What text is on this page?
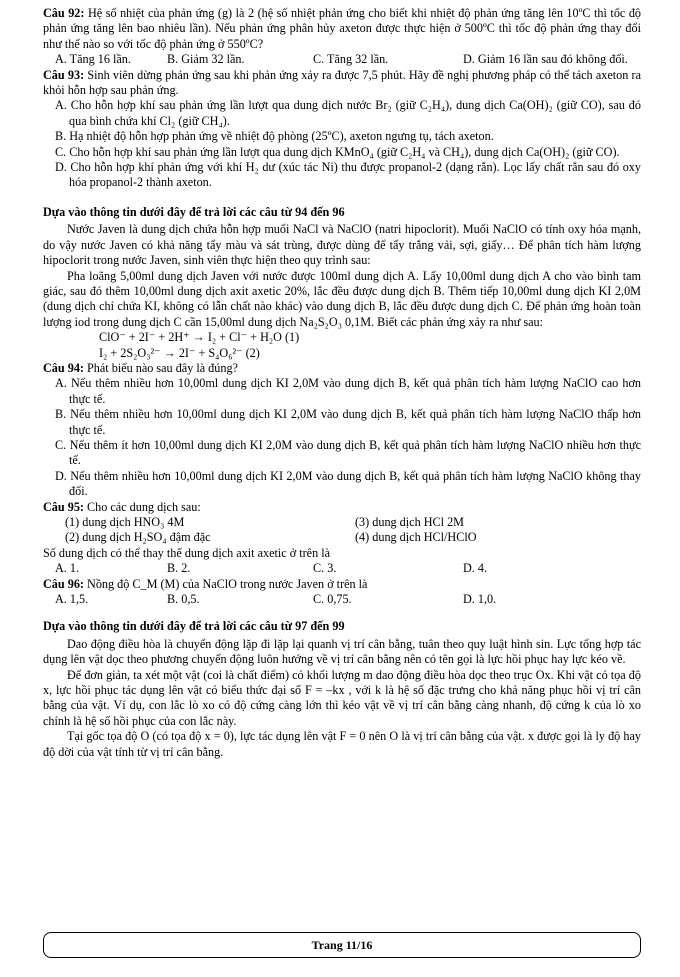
Câu 92: Hệ số nhiệt của phản ứng (g) là 2 (hệ số nhiệt phản ứng cho biết khi nhiệt độ phản ứng tăng lên 10ºC thì tốc độ phản ứng tăng lên bao nhiêu lần). Nếu phản ứng phân hủy axeton được thực hiện ở 500ºC thì tốc độ phản ứng thay đổi như thế nào so với tốc độ phản ứng ở 550ºC?

A. Tăng 16 lần.	B. Giảm 32 lần.	C. Tăng 32 lần.	D. Giảm 16 lần sau đó không đổi.

Câu 93: Sinh viên dừng phản ứng sau khi phản ứng xảy ra được 7,5 phút. Hãy đề nghị phương pháp có thể tách axeton ra khỏi hỗn hợp sau phản ứng.

A. Cho hỗn hợp khí sau phản ứng lần lượt qua dung dịch nước Br₂ (giữ C₂H₄), dung dịch Ca(OH)₂ (giữ CO), sau đó qua bình chứa khí Cl₂ (giữ CH₄).

B. Hạ nhiệt độ hỗn hợp phản ứng về nhiệt độ phòng (25ºC), axeton ngưng tụ, tách axeton.

C. Cho hỗn hợp khí sau phản ứng lần lượt qua dung dịch KMnO₄ (giữ C₂H₄ và CH₄), dung dịch Ca(OH)₂ (giữ CO).

D. Cho hỗn hợp khí phản ứng với khí H₂ dư (xúc tác Ni) thu được propanol-2 (dạng rắn). Lọc lấy chất rắn sau đó oxy hóa propanol-2 thành axeton.

Dựa vào thông tin dưới đây để trả lời các câu từ 94 đến 96

Nước Javen là dung dịch chứa hỗn hợp muối NaCl và NaClO (natri hipoclorit). Muối NaClO có tính oxy hóa mạnh, do vậy nước Javen có khả năng tẩy màu và sát trùng, được dùng để tẩy trắng vải, sợi, giấy… Để phân tích hàm lượng hipoclorit trong nước Javen, sinh viên thực hiện theo quy trình sau:

Pha loãng 5,00ml dung dịch Javen với nước được 100ml dung dịch A. Lấy 10,00ml dung dịch A cho vào bình tam giác, sau đó thêm 10,00ml dung dịch axit axetic 20%, lắc đều được dung dịch B. Thêm tiếp 10,00ml dung dịch KI 2,0M (dung dịch chỉ chứa KI, không có lẫn chất nào khác) vào dung dịch B, lắc đều được dung dịch C. Để phản ứng hoàn toàn lượng iod trong dung dịch C cần 15,00ml dung dịch Na₂S₂O₃ 0,1M. Biết các phản ứng xảy ra như sau:

ClO⁻ + 2I⁻ + 2H⁺ → I₂ + Cl⁻ + H₂O (1)

I₂ + 2S₂O₃²⁻ → 2I⁻ + S₄O₆²⁻ (2)

Câu 94: Phát biểu nào sau đây là đúng?

A. Nếu thêm nhiều hơn 10,00ml dung dịch KI 2,0M vào dung dịch B, kết quả phân tích hàm lượng NaClO cao hơn thực tế.

B. Nếu thêm nhiều hơn 10,00ml dung dịch KI 2,0M vào dung dịch B, kết quả phân tích hàm lượng NaClO thấp hơn thực tế.

C. Nếu thêm ít hơn 10,00ml dung dịch KI 2,0M vào dung dịch B, kết quả phân tích hàm lượng NaClO nhiều hơn thực tế.

D. Nếu thêm nhiều hơn 10,00ml dung dịch KI 2,0M vào dung dịch B, kết quả phân tích hàm lượng NaClO không thay đổi.

Câu 95: Cho các dung dịch sau:

(1) dung dịch HNO₃ 4M	(3) dung dịch HCl 2M
(2) dung dịch H₂SO₄ đậm đặc	(4) dung dịch HCl/HClO

Số dung dịch có thể thay thế dung dịch axit axetic ở trên là

A. 1.	B. 2.	C. 3.	D. 4.

Câu 96: Nồng độ C_M (M) của NaClO trong nước Javen ở trên là

A. 1,5.	B. 0,5.	C. 0,75.	D. 1,0.

Dựa vào thông tin dưới đây để trả lời các câu từ 97 đến 99

Dao động điều hòa là chuyển động lặp đi lặp lại quanh vị trí cân bằng, tuân theo quy luật hình sin. Lực tổng hợp tác dụng lên vật dọc theo phương chuyển động luôn hướng về vị trí cân bằng nên có tên gọi là lực hồi phục hay lực kéo về.

Để đơn giản, ta xét một vật (coi là chất điểm) có khối lượng m dao động điều hòa dọc theo trục Ox. Khi vật có tọa độ x, lực hồi phục tác dụng lên vật có biểu thức đại số F = –kx , với k là hệ số đặc trưng cho khả năng phục hồi vị trí cân bằng của vật. Ví dụ, con lắc lò xo có độ cứng càng lớn thì kéo vật về vị trí cân bằng càng nhanh, độ cứng k của lò xo chính là hệ số hồi phục của con lắc này.

Tại gốc tọa độ O (có tọa độ x = 0), lực tác dụng lên vật F = 0 nên O là vị trí cân bằng của vật. x được gọi là ly độ hay độ dời của vật tính từ vị trí cân bằng.

Trang 11/16
